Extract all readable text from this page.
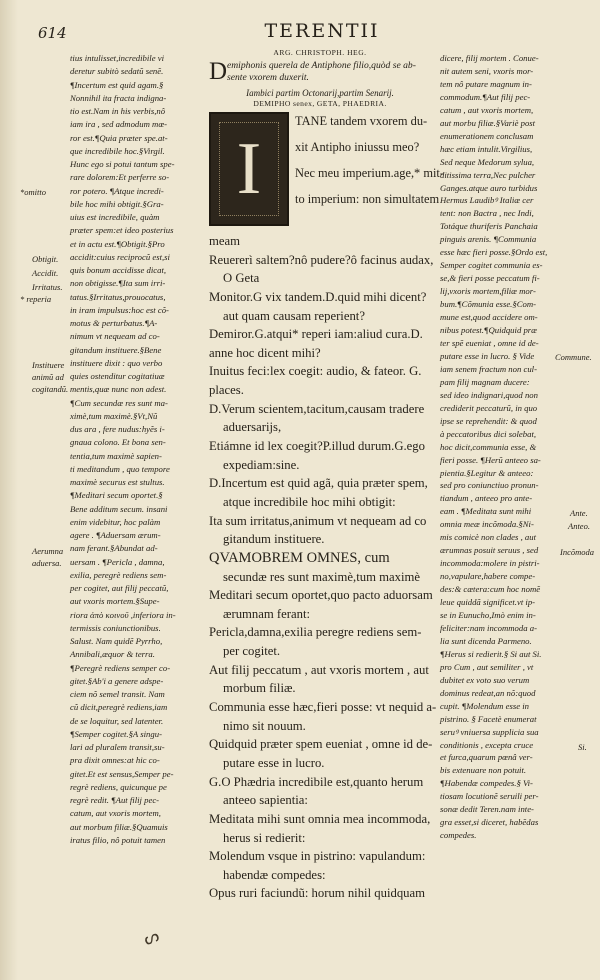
614	TERENTII
tius intulisset,incredibile vi
deretur subitò sedatũ senẽ.
¶Incertum est quid agam.§
Nonnihil ita fracta indigna-
tio est.Nam in his verbis,nô
iam ira , sed admodum mœ-
ror est.¶Quia præter spe.at-
que incredibile hoc.§Virgil.
Hunc ego si potui tantum spe-
rare dolorem:Et perferre so-
ror potero. ¶Atque incredi-
bile hoc mihi obtigit.§Gra-
uius est incredibile, quàm
præter spem:et ideo posterius
et in actu est.¶Obtigit.§Pro
accidit:cuius reciprocũ est,si
quis bonum accidisse dicat,
non obtigisse.¶Ita sum irri-
tatus.§Irritatus,prouocatus,
in iram impulsus:hoc est cõ-
motus & perturbatus.¶A-
nimum vt nequeam ad co-
gitandum instituere.§Bene
instituere dixit : quo verbo
quies ostenditur cogitatiuæ
mentis,quæ nunc non adest.
¶Cum secundæ res sunt ma-
ximè,tum maximè.§Vt,Nũ
dus ara , fere nudus:hyẽs i-
gnaua colono. Et bona sen-
tentia,tum maximè sapien-
ti meditandum , quo tempore
maximè securus est stultus.
¶Meditari secum oportet.§
Bene additum secum. insani
enim videbitur, hoc palàm
agere . ¶Aduersam ærum-
nam ferant.§Abundat ad-
uersam . ¶Pericla , damna,
exilia, peregrè rediens sem-
per cogitet, aut filij peccatũ,
aut vxoris mortem.§Supe-
riora ἀπὸ κοινοῦ ,inferiora in-
termissis coniunctionibus.
Salust. Nam quidẽ Pyrrho,
Annibali,æquor & terra.
¶Peregrè rediens semper co-
gitet.§Ab'i a genere adspe-
ciem nõ semel transit. Nam
cũ dicit,peregrè rediens,iam
de se loquitur, sed latenter.
¶Semper cogitet.§A singu-
lari ad pluralem transit,su-
pra dixit omnes:at hic co-
gitet.Et est sensus,Semper pe-
regrè rediens, quicunque pe
regrè redit. ¶Aut filij pec-
catum, aut vxoris mortem,
aut morbum filiæ.§Quamuis
iratus filio, nô potuit tamen
*omitto
Obtigit.
Accidit.
Irritatus.
* reperia
Instituere
animũ ad
cogitandũ.
Aerumna
aduersa.
ARG. CHRISTOPH. HEG.
D emiphonis querela de Antiphone filio,quòd se ab-
sente vxorem duxerit.
Iambici partim Octonarij,partim Senarij.
DEMIPHO senex, GETA, PHAEDRIA.
I
TANE tandem vxorem du-
xit Antipho iniussu meo?
Nec meu imperium.age,* mit-
to imperium: non simultatem
meam
Reuererì saltem?nô pudere?ô facinus audax,
O Geta
Monitor.G vix tandem.D.quid mihi dicent?
aut quam causam reperient?
Demiror.G.atqui* reperi iam:aliud cura.D.
anne hoc dicent mihi?
Inuitus feci:lex coegit: audio, & fateor. G.
places.
D.Verum scientem,tacitum,causam tradere
aduersarijs,
Etiámne id lex coegit?P.illud durum.G.ego
expediam:sine.
D.Incertum est quid agã, quia præter spem,
atque incredibile hoc mihi obtigit:
Ita sum irritatus,animum vt nequeam ad co
gitandum instituere.
QVAMOBREM OMNES, cum
secundæ res sunt maximè,tum maximè
Meditari secum oportet,quo pacto aduorsam
ærumnam ferant:
Pericla,damna,exilia peregre rediens sem-
per cogitet.
Aut filij peccatum , aut vxoris mortem , aut
morbum filiæ.
Communia esse hæc,fieri posse: vt nequid a-
nimo sit nouum.
Quidquid præter spem eueniat , omne id de-
putare esse in lucro.
G.O Phædria incredibile est,quanto herum
anteeo sapientia:
Meditata mihi sunt omnia mea incommoda,
herus si redierit:
Molendum vsque in pistrino: vapulandum:
habendæ compedes:
Opus ruri faciundũ: horum nihil quidquam
dicere, filij mortem . Conue-
nit autem seni, vxoris mor-
tem nô putare magnum in-
commodum.¶Aut filij pec-
catum , aut vxoris mortem,
aut morbu filiæ.§Variè post
enumerationem conclusam
hæc etiam intulit.Virgilius,
Sed neque Medorum sylua,
ditissima terra,Nec pulcher
Ganges.atque auro turbidus
Hermus Laudibꝰ Italiæ cer
tent: non Bactra , nec Indi,
Totáque thuriferis Panchaia
pinguis arenis. ¶Communia
esse hæc fieri posse.§Ordo est,
Semper cogitet communia es-
se,& fieri posse peccatum fi-
lij,vxoris mortem,filiæ mor-
bum.¶Cõmunia esse.§Com-
mune est,quod accidere om-
nibus potest.¶Quidquid præ
ter spẽ eueniat , omne id de-
putare esse in lucro. § Vide
iam senem fractum non cul-
pam filij magnam ducere:
sed ideo indignari,quod non
crediderit peccaturũ, in quo
ipse se reprehendit: & quod
à peccatoribus dici solebat,
hoc dicit,communia esse, &
fieri posse. ¶Herũ anteeo sa-
pientia.§Legitur & anteeo:
sed pro coniunctiuo pronun-
tiandum , anteeo pro ante-
eam . ¶Meditata sunt mihi
omnia meæ incõmoda.§Ni-
mis comicè non clades , aut
ærumnas posuit seruus , sed
incommoda:molere in pistri-
no,vapulare,habere compe-
des:& cætera:cum hoc nomẽ
leue quiddã significet.vt ip-
se in Eunucho,Imò enim in-
feliciter:nam incommoda a-
lia sunt dicenda Parmeno.
¶Herus si redierit.§ Si aut Si.
pro Cum , aut semiliter , vt
dubitet ex voto suo verum
dominus redeat,an nõ:quod
cupit. ¶Molendum esse in
pistrino. § Facetè enumerat
seruꝰ vniuersa supplicia sua
conditionis , excepta cruce
et furca,quarum pœnâ ver-
bis extenuare non potuit.
¶Habendæ compedes.§ Vi-
tiosam locutionẽ seruili per-
sonæ dedit Teren.nam inte-
gra esset,si diceret, habẽdas
compedes.
Commune.
Ante.
Anteo.
Incõmoda
Si.
ᔕ
